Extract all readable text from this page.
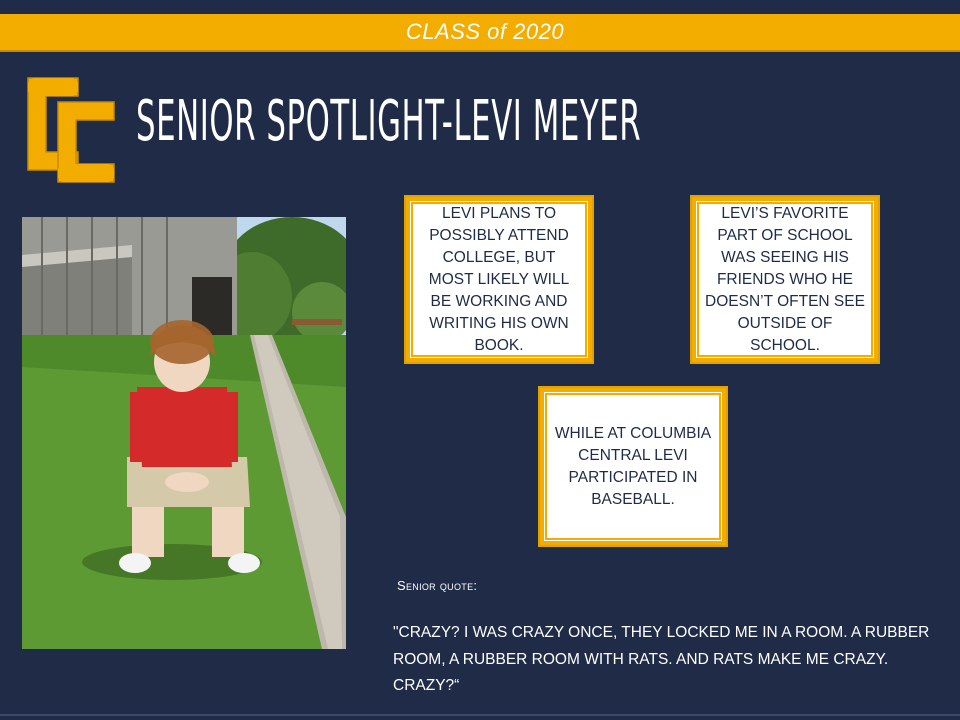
CLASS of 2020
SENIOR SPOTLIGHT-LEVI MEYER
LEVI PLANS TO POSSIBLY ATTEND COLLEGE, BUT MOST LIKELY WILL BE WORKING AND WRITING HIS OWN BOOK.
LEVI’S FAVORITE PART OF SCHOOL WAS SEEING HIS FRIENDS WHO HE DOESN’T OFTEN SEE OUTSIDE OF SCHOOL.
WHILE AT COLUMBIA CENTRAL LEVI PARTICIPATED IN BASEBALL.
Senior quote:
"CRAZY? I WAS CRAZY ONCE, THEY LOCKED ME IN A ROOM. A RUBBER ROOM, A RUBBER ROOM WITH RATS. AND RATS MAKE ME CRAZY. CRAZY?“
